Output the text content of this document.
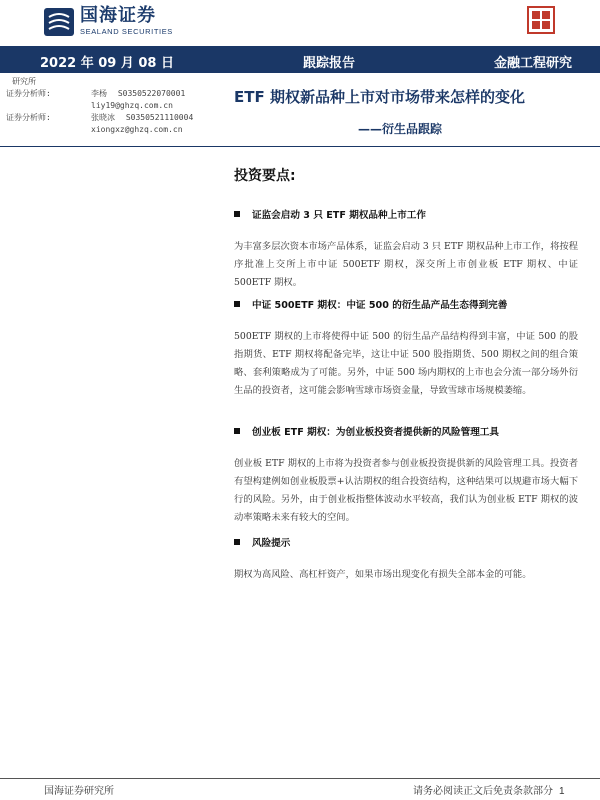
国海证券
SEALAND SECURITIES
2022 年 09 月 08 日	跟踪报告	金融工程研究
研究所
证券分析师:	李杨 S0350522070001
liy19@ghzq.com.cn
证券分析师:	张晓冰 S0350521110004
xiongxz@ghzq.com.cn
ETF 期权新品种上市对市场带来怎样的变化
——衍生品跟踪
投资要点:
证监会启动 3 只 ETF 期权品种上市工作
为丰富多层次资本市场产品体系，证监会启动 3 只 ETF 期权品种上市工作，将按程序批准上交所上市中证 500ETF 期权，深交所上市创业板 ETF 期权、中证 500ETF 期权。
中证 500ETF 期权：中证 500 的衍生品产品生态得到完善
500ETF 期权的上市将使得中证 500 的衍生品产品结构得到丰富，中证 500 的股指期货、ETF 期权将配备完毕，这让中证 500 股指期货、500 期权之间的组合策略、套利策略成为了可能。另外，中证 500 场内期权的上市也会分流一部分场外衍生品的投资者，这可能会影响雪球市场资金量，导致雪球市场规模萎缩。
创业板 ETF 期权：为创业板投资者提供新的风险管理工具
创业板 ETF 期权的上市将为投资者参与创业板投资提供新的风险管理工具。投资者有望构建例如创业板股票+认沽期权的组合投资结构，这种结果可以规避市场大幅下行的风险。另外，由于创业板指整体波动水平较高，我们认为创业板 ETF 期权的波动率策略未来有较大的空间。
风险提示
期权为高风险、高杠杆资产，如果市场出现变化有损失全部本金的可能。
国海证券研究所	请务必阅读正文后免责条款部分 1
